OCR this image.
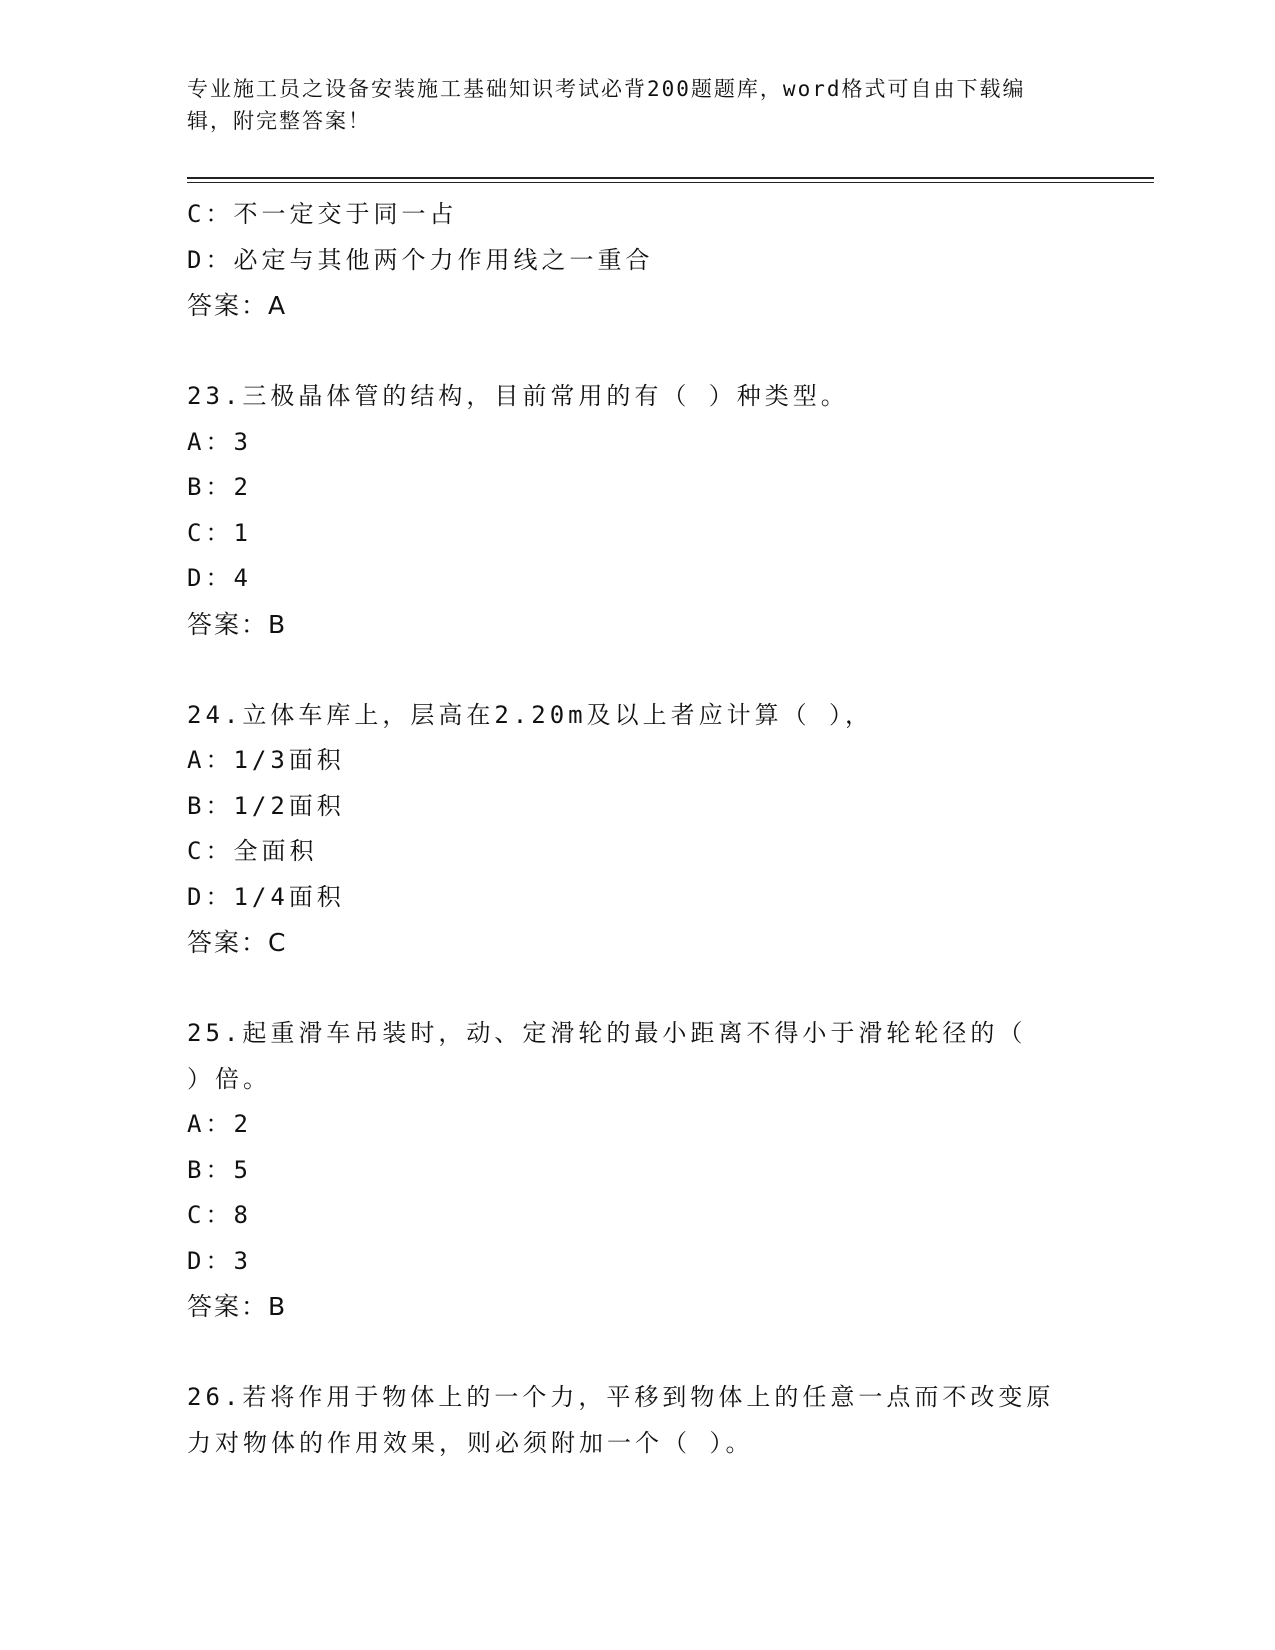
专业施工员之设备安装施工基础知识考试必背200题题库，word格式可自由下载编辑，附完整答案！
C：不一定交于同一占
D：必定与其他两个力作用线之一重合
答案：A
23.三极晶体管的结构，目前常用的有（ ）种类型。
A：3
B：2
C：1
D：4
答案：B
24.立体车库上，层高在2.20m及以上者应计算（ ），
A：1/3面积
B：1/2面积
C：全面积
D：1/4面积
答案：C
25.起重滑车吊装时，动、定滑轮的最小距离不得小于滑轮轮径的（
）倍。
A：2
B：5
C：8
D：3
答案：B
26.若将作用于物体上的一个力，平移到物体上的任意一点而不改变原
力对物体的作用效果，则必须附加一个（ ）。
